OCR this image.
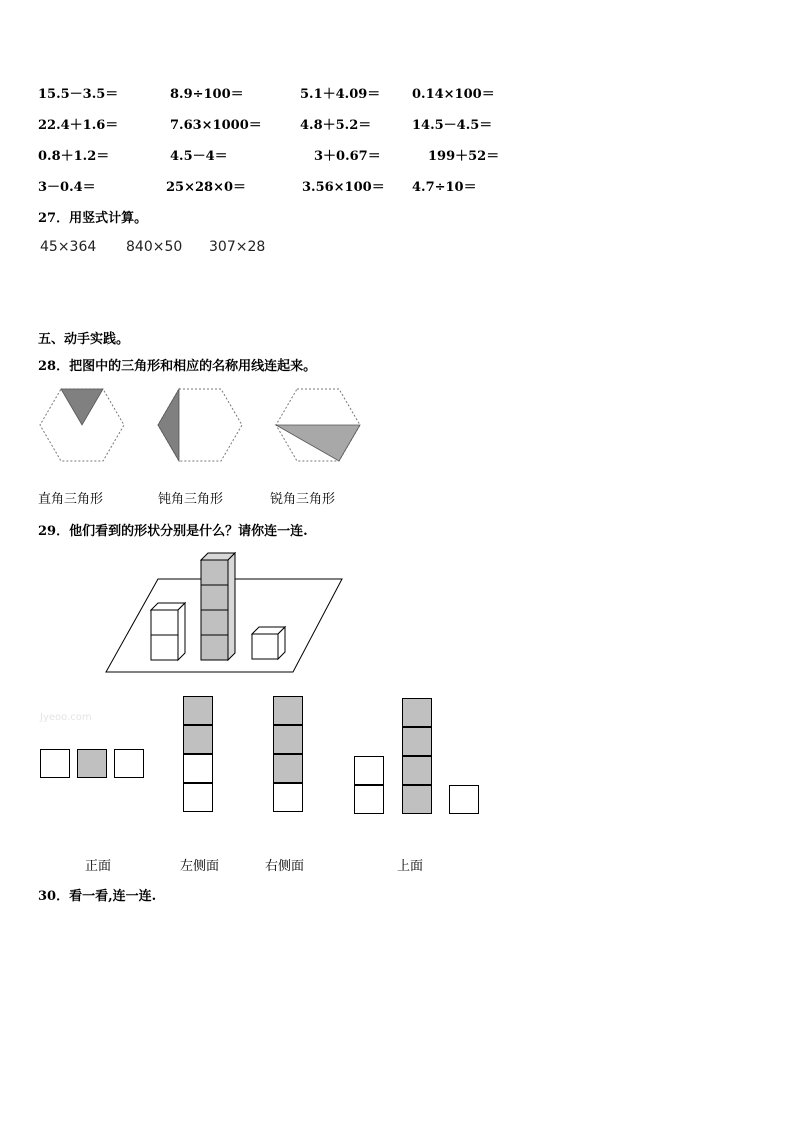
15.5－3.5＝	8.9÷100＝	5.1＋4.09＝ 0.14×100＝
22.4＋1.6＝	7.63×1000＝	4.8＋5.2＝	14.5－4.5＝
0.8＋1.2＝	4.5－4＝	3＋0.67＝	199＋52＝
3－0.4＝	25×28×0＝	3.56×100＝ 4.7÷10＝
27．用竖式计算。
45×364 840×50 307×28
五、动手实践。
28．把图中的三角形和相应的名称用线连起来。
直角三角形	钝角三角形	锐角三角形
29．他们看到的形状分别是什么？请你连一连.
Jyeoo.com
正面	左侧面	右侧面	上面
30．看一看,连一连.
